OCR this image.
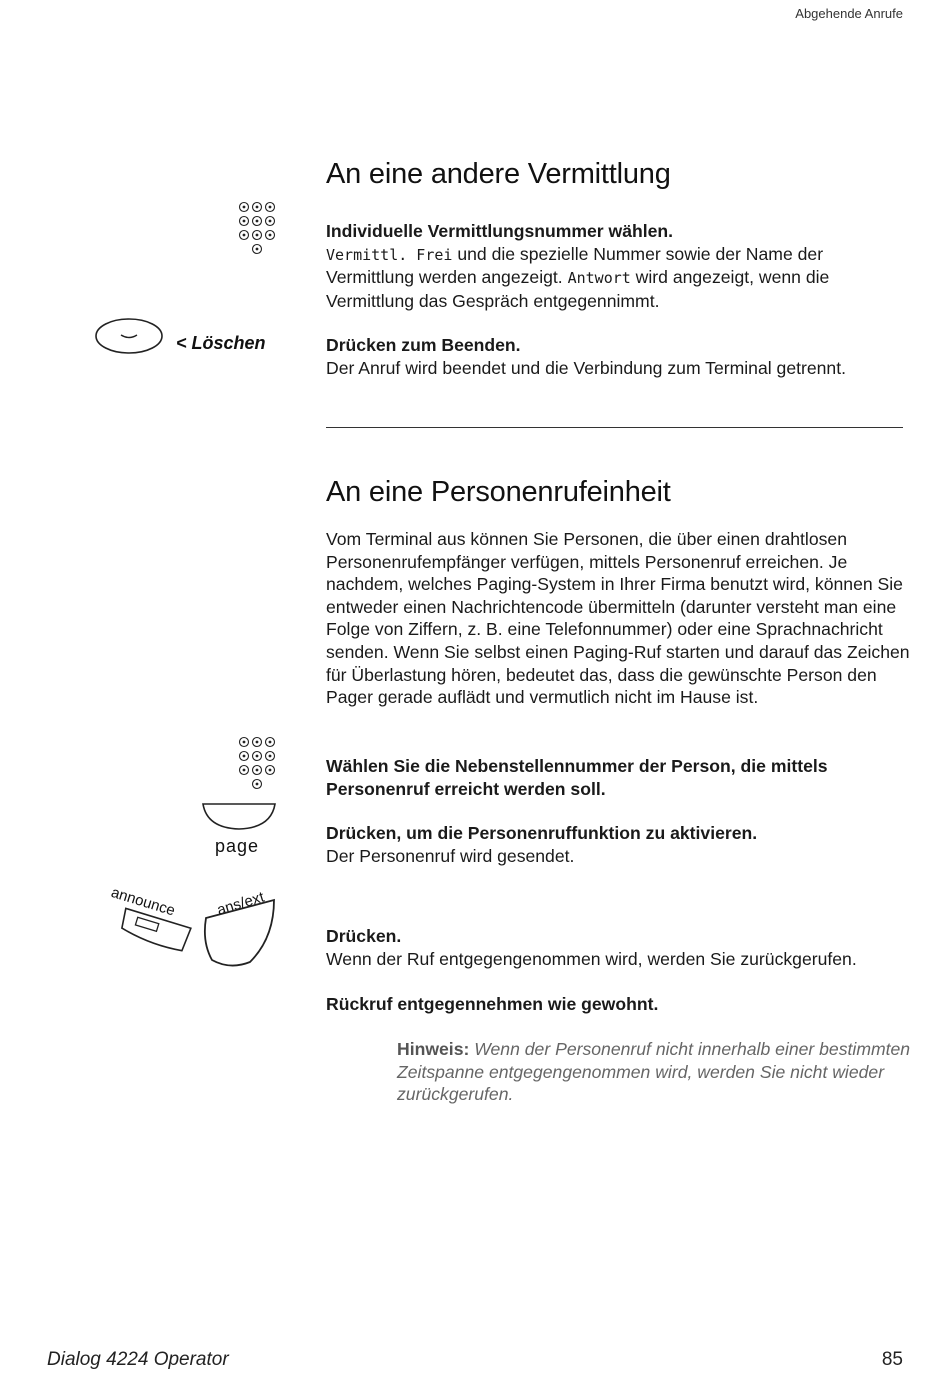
Abgehende Anrufe
An eine andere Vermittlung
Individuelle Vermittlungsnummer wählen.
Vermittl. Frei und die spezielle Nummer sowie der Name der Vermittlung werden angezeigt. Antwort wird angezeigt, wenn die Vermittlung das Gespräch entgegennimmt.
< Löschen	Drücken zum Beenden.
Der Anruf wird beendet und die Verbindung zum Terminal getrennt.
An eine Personenrufeinheit
Vom Terminal aus können Sie Personen, die über einen drahtlosen Personenrufempfänger verfügen, mittels Personenruf erreichen. Je nachdem, welches Paging-System in Ihrer Firma benutzt wird, können Sie entweder einen Nachrichtencode übermitteln (darunter versteht man eine Folge von Ziffern, z. B. eine Telefonnummer) oder eine Sprachnachricht senden. Wenn Sie selbst einen Paging-Ruf starten und darauf das Zeichen für Überlastung hören, bedeutet das, dass die gewünschte Person den Pager gerade auflädt und vermutlich nicht im Hause ist.
Wählen Sie die Nebenstellennummer der Person, die mittels Personenruf erreicht werden soll.
page
Drücken, um die Personenruffunktion zu aktivieren.
Der Personenruf wird gesendet.
announce	ans/ext
Drücken.
Wenn der Ruf entgegengenommen wird, werden Sie zurückgerufen.
Rückruf entgegennehmen wie gewohnt.
Hinweis: Wenn der Personenruf nicht innerhalb einer bestimmten Zeitspanne entgegengenommen wird, werden Sie nicht wieder zurückgerufen.
Dialog 4224 Operator	85
